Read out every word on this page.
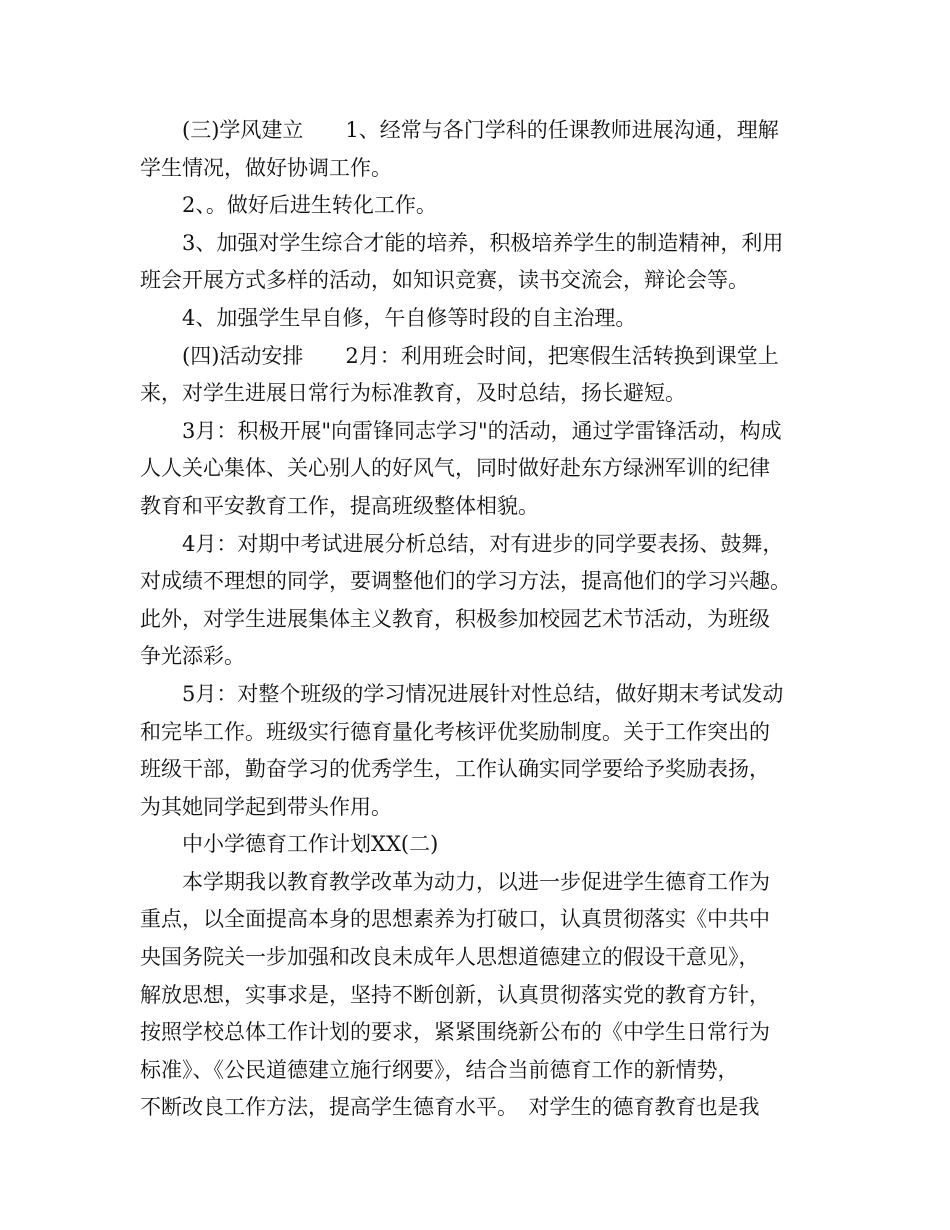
(三)学风建立　　1、经常与各门学科的任课教师进展沟通，理解
学生情况，做好协调工作。
2、。做好后进生转化工作。
3、加强对学生综合才能的培养，积极培养学生的制造精神，利用
班会开展方式多样的活动，如知识竞赛，读书交流会，辩论会等。
4、加强学生早自修，午自修等时段的自主治理。
(四)活动安排　　2月：利用班会时间，把寒假生活转换到课堂上
来，对学生进展日常行为标准教育，及时总结，扬长避短。
3月：积极开展"向雷锋同志学习"的活动，通过学雷锋活动，构成
人人关心集体、关心别人的好风气，同时做好赴东方绿洲军训的纪律
教育和平安教育工作，提高班级整体相貌。
4月：对期中考试进展分析总结，对有进步的同学要表扬、鼓舞，
对成绩不理想的同学，要调整他们的学习方法，提高他们的学习兴趣。
此外，对学生进展集体主义教育，积极参加校园艺术节活动，为班级
争光添彩。
5月：对整个班级的学习情况进展针对性总结，做好期末考试发动
和完毕工作。班级实行德育量化考核评优奖励制度。关于工作突出的
班级干部，勤奋学习的优秀学生，工作认确实同学要给予奖励表扬，
为其她同学起到带头作用。
中小学德育工作计划XX(二)
本学期我以教育教学改革为动力，以进一步促进学生德育工作为
重点，以全面提高本身的思想素养为打破口，认真贯彻落实《中共中
央国务院关一步加强和改良未成年人思想道德建立的假设干意见》，
解放思想，实事求是，坚持不断创新，认真贯彻落实党的教育方针，
按照学校总体工作计划的要求，紧紧围绕新公布的《中学生日常行为
标准》、《公民道德建立施行纲要》，结合当前德育工作的新情势，
不断改良工作方法，提高学生德育水平。　对学生的德育教育也是我
